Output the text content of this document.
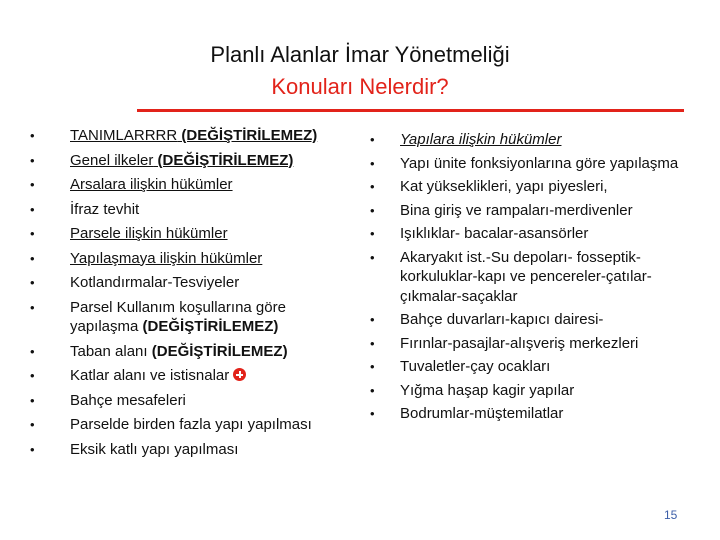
Planlı Alanlar İmar Yönetmeliği
Konuları Nelerdir?
• TANIMLARRRR (DEĞİŞTİRİLEMEZ)
• Genel ilkeler (DEĞİŞTİRİLEMEZ)
• Arsalara ilişkin hükümler
• İfraz tevhit
• Parsele ilişkin hükümler
• Yapılaşmaya ilişkin hükümler
• Kotlandırmalar-Tesviyeler
• Parsel Kullanım koşullarına göre yapılaşma (DEĞİŞTİRİLEMEZ)
• Taban alanı (DEĞİŞTİRİLEMEZ)
• Katlar alanı ve istisnalar
• Bahçe mesafeleri
• Parselde birden fazla yapı yapılması
• Eksik katlı yapı yapılması
• Yapılara ilişkin hükümler
• Yapı ünite fonksiyonlarına göre yapılaşma
• Kat yükseklikleri, yapı piyesleri,
• Bina giriş ve rampaları-merdivenler
• Işıklıklar- bacalar-asansörler
• Akaryakıt ist.-Su depoları- fosseptik-korkuluklar-kapı ve pencereler-çatılar-çıkmalar-saçaklar
• Bahçe duvarları-kapıcı dairesi-
• Fırınlar-pasajlar-alışveriş merkezleri
• Tuvaletler-çay ocakları
• Yığma haşap kagir yapılar
• Bodrumlar-müştemilatlar
15
